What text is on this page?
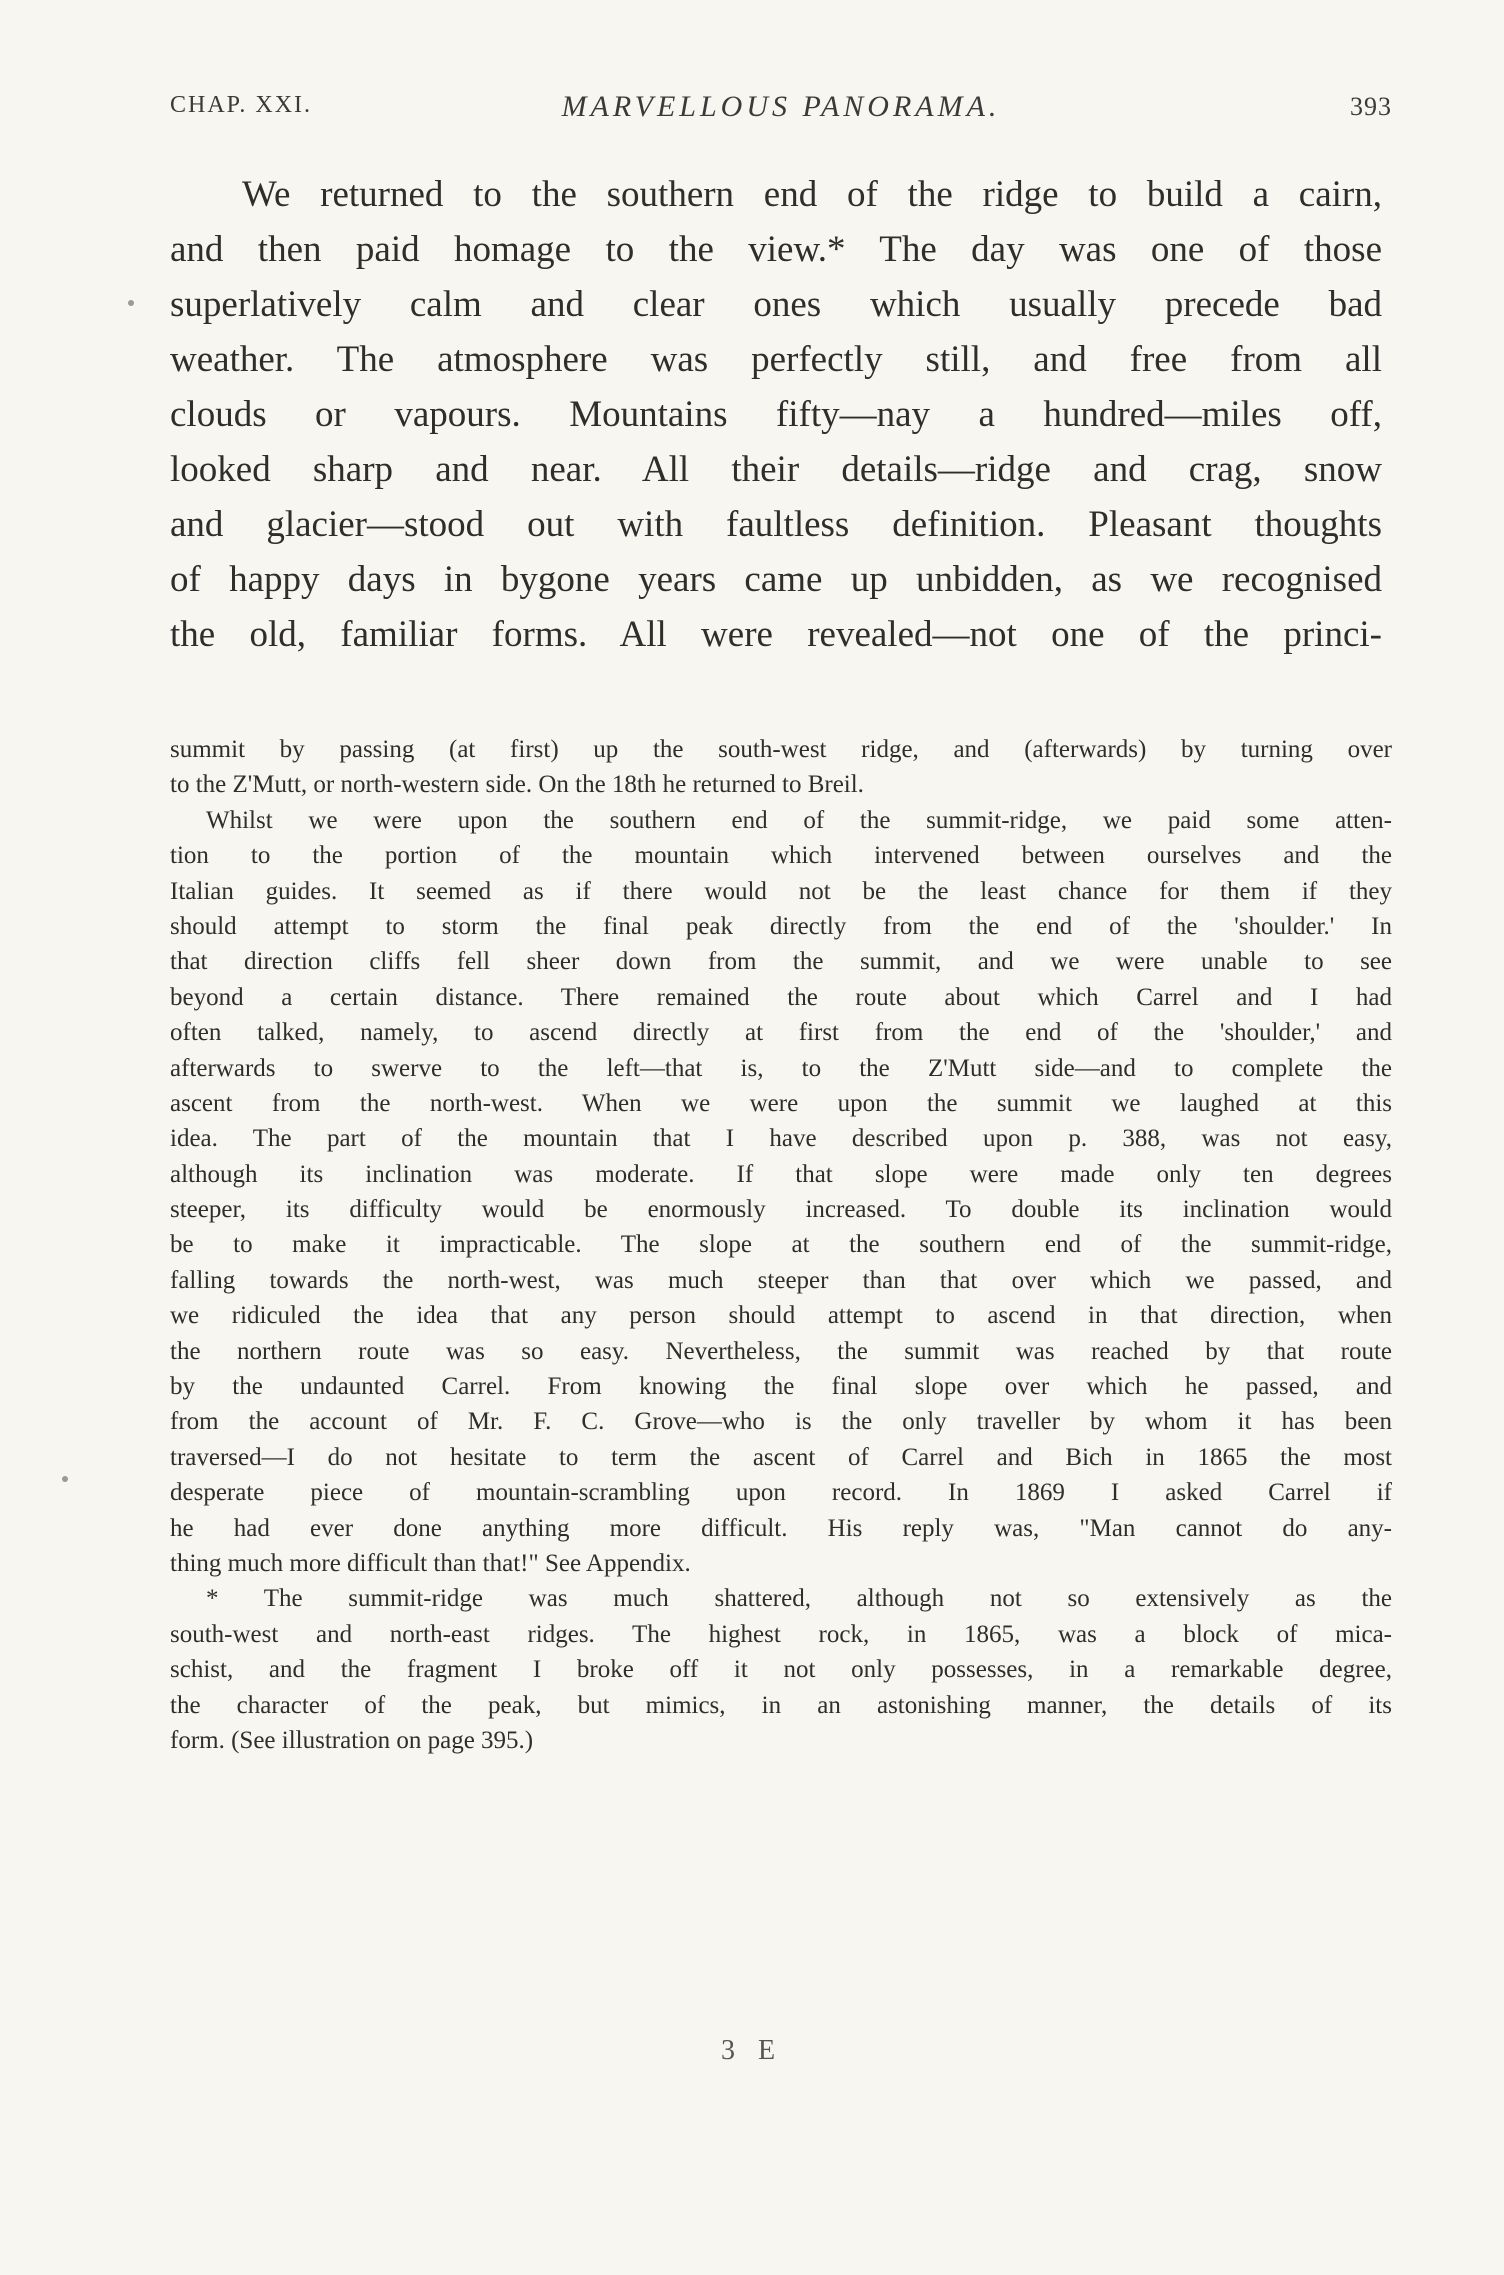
CHAP. XXI.	MARVELLOUS PANORAMA.	393
We returned to the southern end of the ridge to build a cairn,
and then paid homage to the view.* The day was one of those
superlatively calm and clear ones which usually precede bad
weather. The atmosphere was perfectly still, and free from all
clouds or vapours. Mountains fifty—nay a hundred—miles off,
looked sharp and near. All their details—ridge and crag, snow
and glacier—stood out with faultless definition. Pleasant thoughts
of happy days in bygone years came up unbidden, as we recognised
the old, familiar forms. All were revealed—not one of the princi-
summit by passing (at first) up the south-west ridge, and (afterwards) by turning over
to the Z'Mutt, or north-western side. On the 18th he returned to Breil.
Whilst we were upon the southern end of the summit-ridge, we paid some atten-
tion to the portion of the mountain which intervened between ourselves and the
Italian guides. It seemed as if there would not be the least chance for them if they
should attempt to storm the final peak directly from the end of the 'shoulder.' In
that direction cliffs fell sheer down from the summit, and we were unable to see
beyond a certain distance. There remained the route about which Carrel and I had
often talked, namely, to ascend directly at first from the end of the 'shoulder,' and
afterwards to swerve to the left—that is, to the Z'Mutt side—and to complete the
ascent from the north-west. When we were upon the summit we laughed at this
idea. The part of the mountain that I have described upon p. 388, was not easy,
although its inclination was moderate. If that slope were made only ten degrees
steeper, its difficulty would be enormously increased. To double its inclination would
be to make it impracticable. The slope at the southern end of the summit-ridge,
falling towards the north-west, was much steeper than that over which we passed, and
we ridiculed the idea that any person should attempt to ascend in that direction, when
the northern route was so easy. Nevertheless, the summit was reached by that route
by the undaunted Carrel. From knowing the final slope over which he passed, and
from the account of Mr. F. C. Grove—who is the only traveller by whom it has been
traversed—I do not hesitate to term the ascent of Carrel and Bich in 1865 the most
desperate piece of mountain-scrambling upon record. In 1869 I asked Carrel if
he had ever done anything more difficult. His reply was, "Man cannot do any-
thing much more difficult than that!" See Appendix.
* The summit-ridge was much shattered, although not so extensively as the
south-west and north-east ridges. The highest rock, in 1865, was a block of mica-
schist, and the fragment I broke off it not only possesses, in a remarkable degree,
the character of the peak, but mimics, in an astonishing manner, the details of its
form. (See illustration on page 395.)
3 E
